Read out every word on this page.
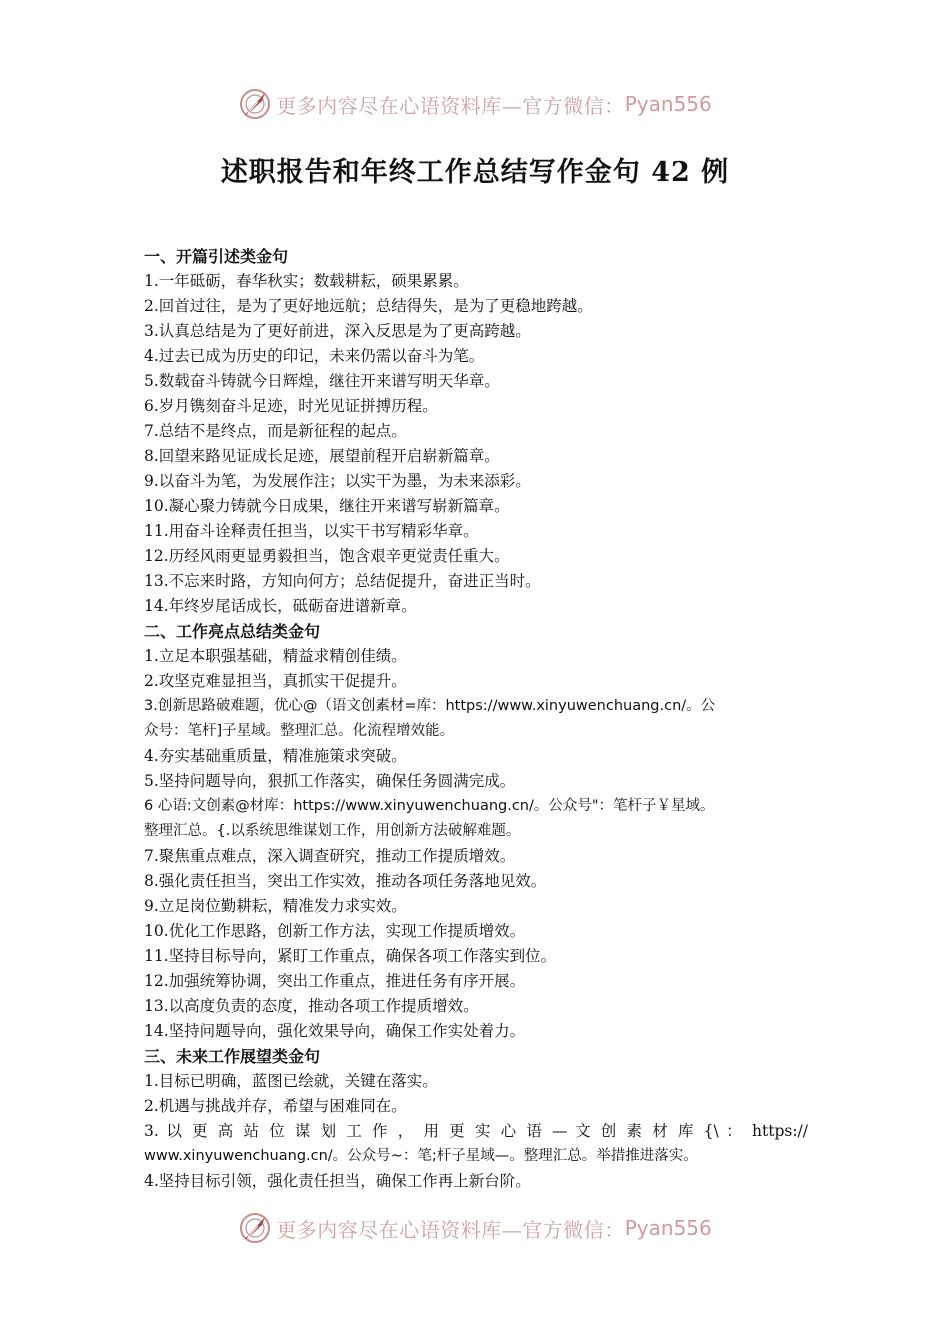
更多内容尽在心语资料库—官方微信： Pyan556
述职报告和年终工作总结写作金句 42 例
一、开篇引述类金句
1.一年砥砺，春华秋实；数载耕耘，硕果累累。
2.回首过往，是为了更好地远航；总结得失，是为了更稳地跨越。
3.认真总结是为了更好前进，深入反思是为了更高跨越。
4.过去已成为历史的印记，未来仍需以奋斗为笔。
5.数载奋斗铸就今日辉煌，继往开来谱写明天华章。
6.岁月镌刻奋斗足迹，时光见证拼搏历程。
7.总结不是终点，而是新征程的起点。
8.回望来路见证成长足迹，展望前程开启崭新篇章。
9.以奋斗为笔，为发展作注；以实干为墨，为未来添彩。
10.凝心聚力铸就今日成果，继往开来谱写崭新篇章。
11.用奋斗诠释责任担当，以实干书写精彩华章。
12.历经风雨更显勇毅担当，饱含艰辛更觉责任重大。
13.不忘来时路，方知向何方；总结促提升，奋进正当时。
14.年终岁尾话成长，砥砺奋进谱新章。
二、工作亮点总结类金句
1.立足本职强基础，精益求精创佳绩。
2.攻坚克难显担当，真抓实干促提升。
3.创新思路破难题，优心@（语文创素材=库：https://www.xinyuwenchuang.cn/。公
众号：笔杆]子星域。整理汇总。化流程增效能。
4.夯实基础重质量，精准施策求突破。
5.坚持问题导向，狠抓工作落实，确保任务圆满完成。
6 心语:文创素@材库：https://www.xinyuwenchuang.cn/。公众号"：笔杆子￥星域。
整理汇总。{.以系统思维谋划工作，用创新方法破解难题。
7.聚焦重点难点，深入调查研究，推动工作提质增效。
8.强化责任担当，突出工作实效，推动各项任务落地见效。
9.立足岗位勤耕耘，精准发力求实效。
10.优化工作思路，创新工作方法，实现工作提质增效。
11.坚持目标导向，紧盯工作重点，确保各项工作落实到位。
12.加强统筹协调，突出工作重点，推进任务有序开展。
13.以高度负责的态度，推动各项工作提质增效。
14.坚持问题导向，强化效果导向，确保工作实处着力。
三、未来工作展望类金句
1.目标已明确，蓝图已绘就，关键在落实。
2.机遇与挑战并存，希望与困难同在。
3. 以 更 高 站 位 谋 划 工 作 ， 用 更 实 心 语 — 文 创 素 材 库 {\ ： https://
www.xinyuwenchuang.cn/。公众号~：笔;杆子星域—。整理汇总。举措推进落实。
4.坚持目标引领，强化责任担当，确保工作再上新台阶。
更多内容尽在心语资料库—官方微信： Pyan556
